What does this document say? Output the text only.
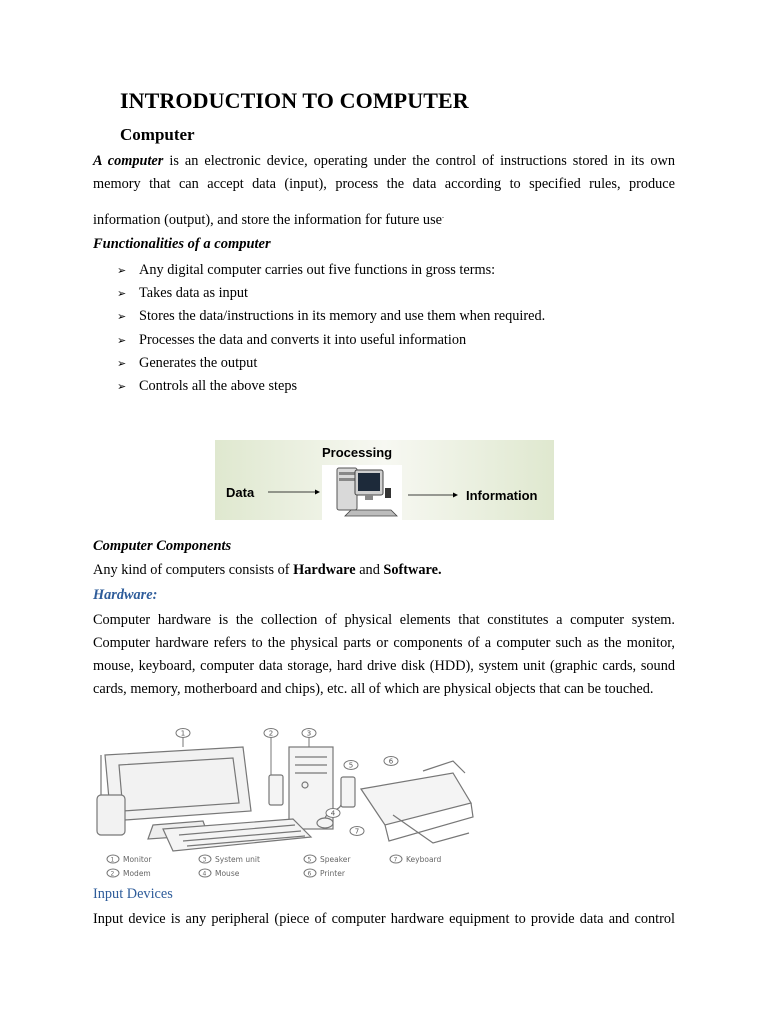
INTRODUCTION TO COMPUTER
Computer
A computer is an electronic device, operating under the control of instructions stored in its own
memory that can accept data (input), process the data according to specified rules, produce
information (output), and store the information for future use.
Functionalities of a computer
➢ Any digital computer carries out five functions in gross terms:
➢ Takes data as input
➢ Stores the data/instructions in its memory and use them when required.
➢ Processes the data and converts it into useful information
➢ Generates the output
➢ Controls all the above steps
Processing
Data	Information
Computer Components
Any kind of computers consists of Hardware and Software.
Hardware:
Computer hardware is the collection of physical elements that constitutes a computer system.
Computer hardware refers to the physical parts or components of a computer such as the monitor,
mouse, keyboard, computer data storage, hard drive disk (HDD), system unit (graphic cards, sound
cards, memory, motherboard and chips), etc. all of which are physical objects that can be touched.
1	2	3
5	6
4
7
1 Monitor
2 Modem
3 System unit
4 Mouse
5 Speaker
6 Printer
7 Keyboard
Input Devices
Input device is any peripheral (piece of computer hardware equipment to provide data and control
